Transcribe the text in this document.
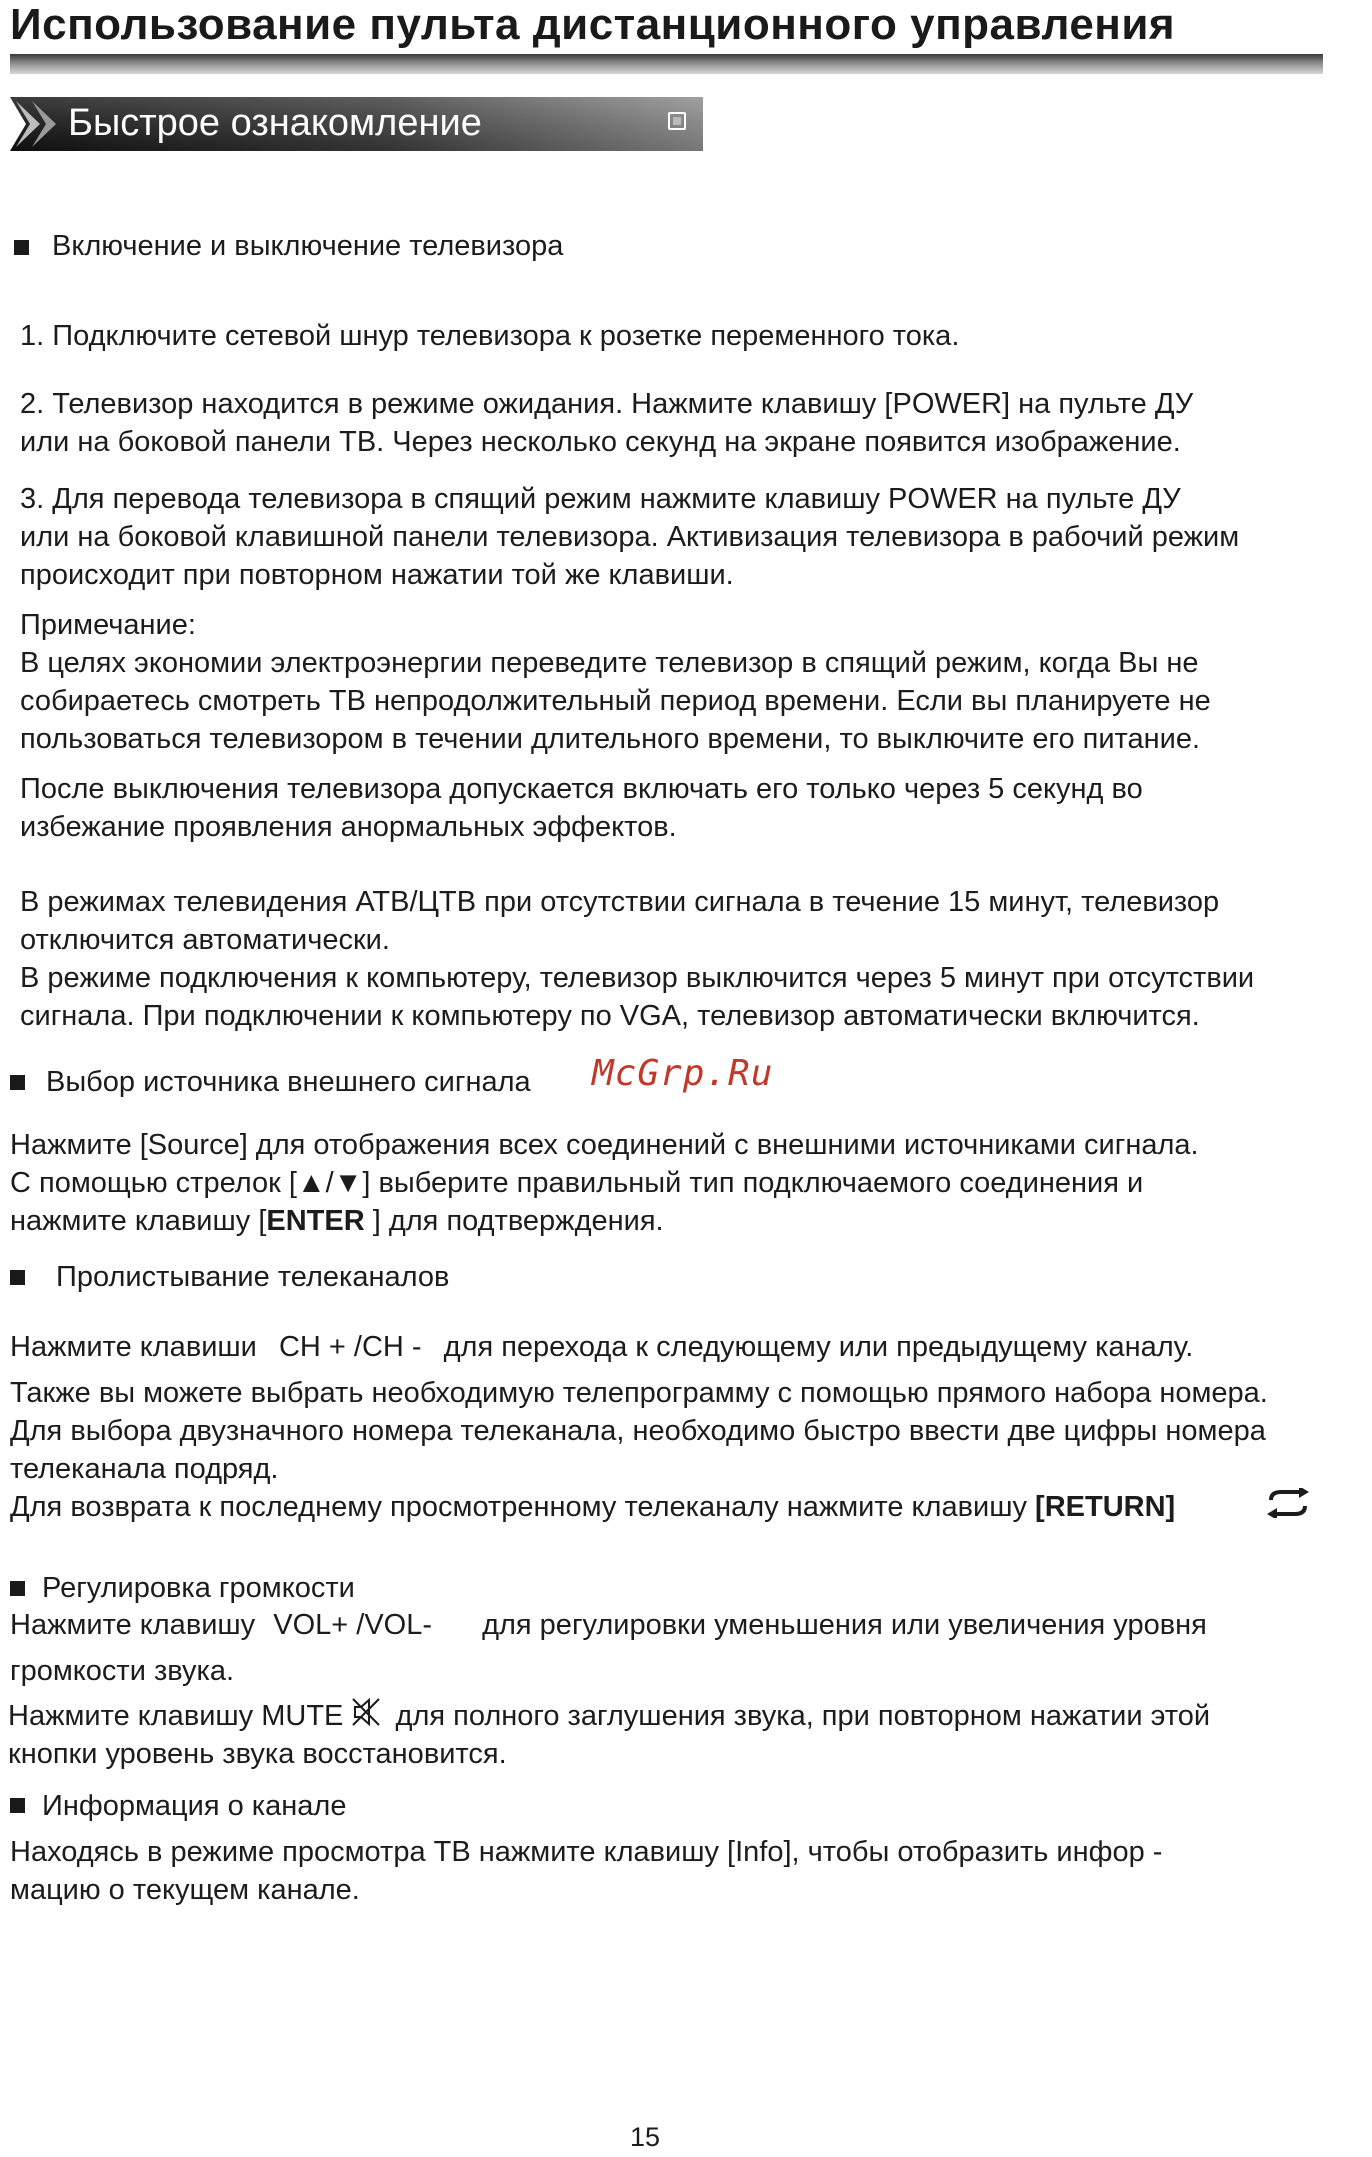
Использование пульта дистанционного управления
Быстрое ознакомление
Включение и выключение телевизора
1. Подключите сетевой шнур телевизора к розетке переменного тока.
2. Телевизор находится в режиме ожидания. Нажмите клавишу [POWER] на пульте ДУ
или на боковой панели ТВ. Через несколько секунд на экране появится изображение.
3. Для перевода телевизора в спящий режим нажмите клавишу POWER на пульте ДУ
или на боковой клавишной панели телевизора. Активизация телевизора в рабочий режим
происходит при повторном нажатии той же клавиши.
Примечание:
В целях экономии электроэнергии переведите телевизор в спящий режим, когда Вы не
собираетесь смотреть ТВ непродолжительный период времени. Если вы планируете не
пользоваться телевизором в течении длительного времени, то выключите его питание.
После выключения телевизора допускается включать его только через 5 секунд во
избежание проявления анормальных эффектов.
В режимах телевидения АТВ/ЦТВ при отсутствии сигнала в течение 15 минут, телевизор
отключится автоматически.
В режиме подключения к компьютеру, телевизор выключится через 5 минут при отсутствии
сигнала. При подключении к компьютеру по VGA, телевизор автоматически включится.
Выбор источника внешнего сигнала McGrp.Ru
Нажмите [Source] для отображения всех соединений с внешними источниками сигнала.
С помощью стрелок [▲/▼] выберите правильный тип подключаемого соединения и
нажмите клавишу [ENTER ] для подтверждения.
Пролистывание телеканалов
Нажмите клавиши CH + /CH - для перехода к следующему или предыдущему каналу.
Также вы можете выбрать необходимую телепрограмму с помощью прямого набора номера.
Для выбора двузначного номера телеканала, необходимо быстро ввести две цифры номера
телеканала подряд.
Для возврата к последнему просмотренному телеканалу нажмите клавишу [RETURN]
Регулировка громкости
Нажмите клавишу VOL+ /VOL- для регулировки уменьшения или увеличения уровня
громкости звука.
Нажмите клавишу MUTE для полного заглушения звука, при повторном нажатии этой
кнопки уровень звука восстановится.
Информация о канале
Находясь в режиме просмотра ТВ нажмите клавишу [Info], чтобы отобразить инфор -
мацию о текущем канале.
15
